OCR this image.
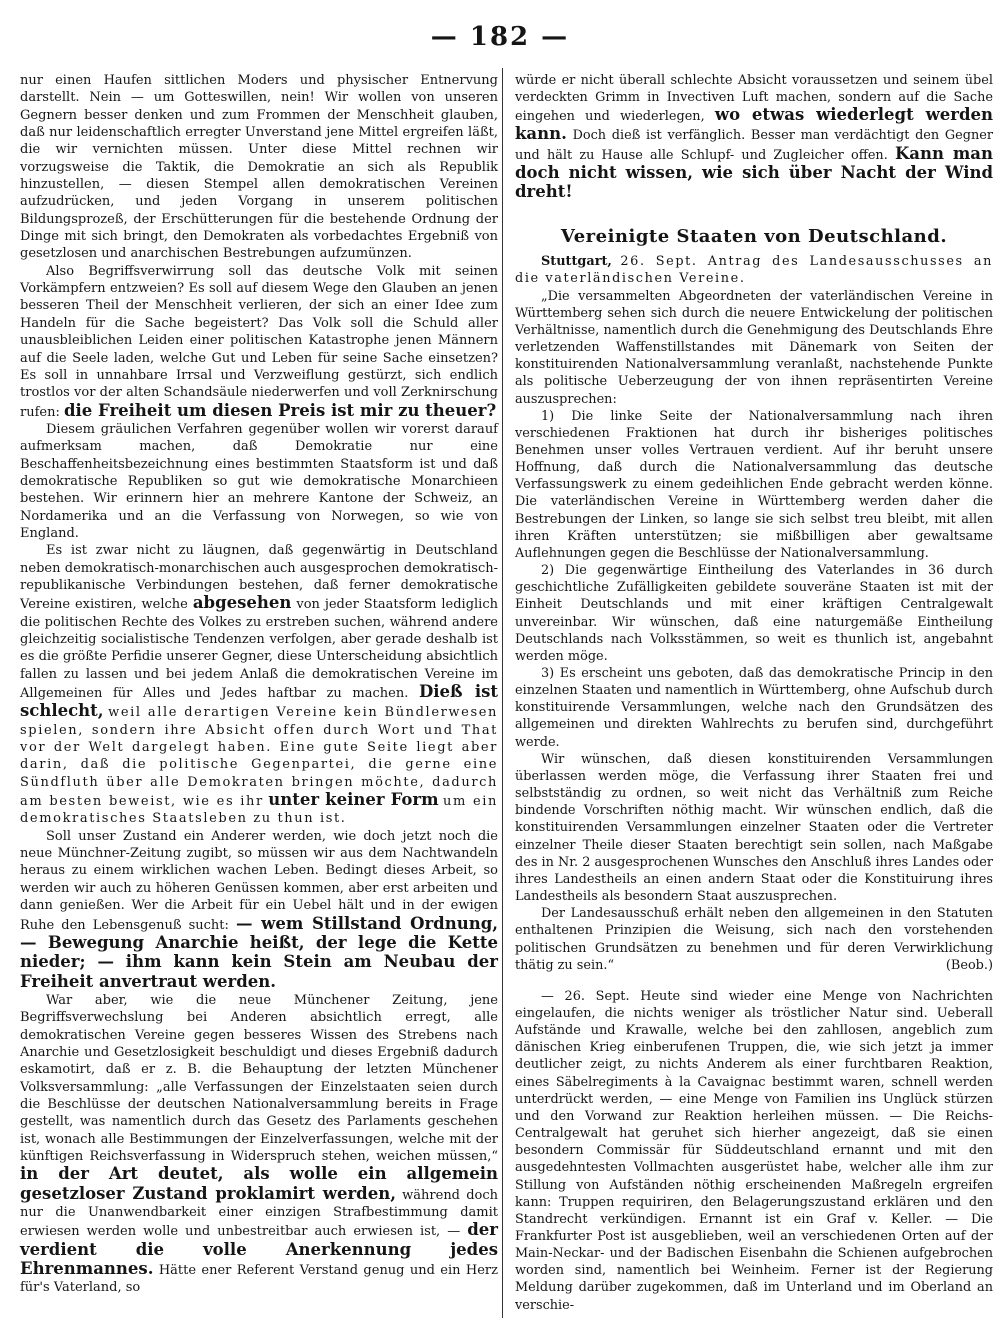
— 182 —

nur einen Haufen sittlichen Moders und physischer Entnervung darstellt. Nein — um Gotteswillen, nein! Wir wollen von unseren Gegnern besser denken und zum Frommen der Menschheit glauben, daß nur leidenschaftlich erregter Unverstand jene Mittel ergreifen läßt, die wir vernichten müssen. Unter diese Mittel rechnen wir vorzugsweise die Taktik, die Demokratie an sich als Republik hinzustellen, — diesen Stempel allen demokratischen Vereinen aufzudrücken, und jeden Vorgang in unserem politischen Bildungsprozeß, der Erschütterungen für die bestehende Ordnung der Dinge mit sich bringt, den Demokraten als vorbedachtes Ergebniß von gesetzlosen und anarchischen Bestrebungen aufzumünzen.

Also Begriffsverwirrung soll das deutsche Volk mit seinen Vorkämpfern entzweien? Es soll auf diesem Wege den Glauben an jenen besseren Theil der Menschheit verlieren, der sich an einer Idee zum Handeln für die Sache begeistert? Das Volk soll die Schuld aller unausbleiblichen Leiden einer politischen Katastrophe jenen Männern auf die Seele laden, welche Gut und Leben für seine Sache einsetzen? Es soll in unnahbare Irrsal und Verzweiflung gestürzt, sich endlich trostlos vor der alten Schandsäule niederwerfen und voll Zerknirschung rufen: die Freiheit um diesen Preis ist mir zu theuer?

Diesem gräulichen Verfahren gegenüber wollen wir vorerst darauf aufmerksam machen, daß Demokratie nur eine Beschaffenheitsbezeichnung eines bestimmten Staatsform ist und daß demokratische Republiken so gut wie demokratische Monarchieen bestehen. Wir erinnern hier an mehrere Kantone der Schweiz, an Nordamerika und an die Verfassung von Norwegen, so wie von England.

Es ist zwar nicht zu läugnen, daß gegenwärtig in Deutschland neben demokratisch-monarchischen auch ausgesprochen demokratisch-republikanische Verbindungen bestehen, daß ferner demokratische Vereine existiren, welche abgesehen von jeder Staatsform lediglich die politischen Rechte des Volkes zu erstreben suchen, während andere gleichzeitig socialistische Tendenzen verfolgen, aber gerade deshalb ist es die größte Perfidie unserer Gegner, diese Unterscheidung absichtlich fallen zu lassen und bei jedem Anlaß die demokratischen Vereine im Allgemeinen für Alles und Jedes haftbar zu machen. Dieß ist schlecht, weil alle derartigen Vereine kein Bündlerwesen spielen, sondern ihre Absicht offen durch Wort und That vor der Welt dargelegt haben. Eine gute Seite liegt aber darin, daß die politische Gegenpartei, die gerne eine Sündfluth über alle Demokraten bringen möchte, dadurch am besten beweist, wie es ihr unter keiner Form um ein demokratisches Staatsleben zu thun ist.

Soll unser Zustand ein Anderer werden, wie doch jetzt noch die neue Münchner-Zeitung zugibt, so müssen wir aus dem Nachtwandeln heraus zu einem wirklichen wachen Leben. Bedingt dieses Arbeit, so werden wir auch zu höheren Genüssen kommen, aber erst arbeiten und dann genießen. Wer die Arbeit für ein Uebel hält und in der ewigen Ruhe den Lebensgenuß sucht: — wem Stillstand Ordnung, — Bewegung Anarchie heißt, der lege die Kette nieder; — ihm kann kein Stein am Neubau der Freiheit anvertraut werden.

War aber, wie die neue Münchener Zeitung, jene Begriffsverwechslung bei Anderen absichtlich erregt, alle demokratischen Vereine gegen besseres Wissen des Strebens nach Anarchie und Gesetzlosigkeit beschuldigt und dieses Ergebniß dadurch eskamotirt, daß er z. B. die Behauptung der letzten Münchener Volksversammlung: „alle Verfassungen der Einzelstaaten seien durch die Beschlüsse der deutschen Nationalversammlung bereits in Frage gestellt, was namentlich durch das Gesetz des Parlaments geschehen ist, wonach alle Bestimmungen der Einzelverfassungen, welche mit der künftigen Reichsverfassung in Widerspruch stehen, weichen müssen,“ in der Art deutet, als wolle ein allgemein gesetzloser Zustand proklamirt werden, während doch nur die Unanwendbarkeit einer einzigen Strafbestimmung damit erwiesen werden wolle und unbestreitbar auch erwiesen ist, — der verdient die volle Anerkennung jedes Ehrenmannes. Hätte ener Referent Verstand genug und ein Herz für's Vaterland, so

würde er nicht überall schlechte Absicht voraussetzen und seinem übel verdeckten Grimm in Invectiven Luft machen, sondern auf die Sache eingehen und wiederlegen, wo etwas wiederlegt werden kann. Doch dieß ist verfänglich. Besser man verdächtigt den Gegner und hält zu Hause alle Schlupf- und Zugleicher offen. Kann man doch nicht wissen, wie sich über Nacht der Wind dreht!

Vereinigte Staaten von Deutschland.

Stuttgart, 26. Sept. Antrag des Landesausschusses an die vaterländischen Vereine.

„Die versammelten Abgeordneten der vaterländischen Vereine in Württemberg sehen sich durch die neuere Entwickelung der politischen Verhältnisse, namentlich durch die Genehmigung des Deutschlands Ehre verletzenden Waffenstillstandes mit Dänemark von Seiten der konstituirenden Nationalversammlung veranlaßt, nachstehende Punkte als politische Ueberzeugung der von ihnen repräsentirten Vereine auszusprechen:

1) Die linke Seite der Nationalversammlung nach ihren verschiedenen Fraktionen hat durch ihr bisheriges politisches Benehmen unser volles Vertrauen verdient. Auf ihr beruht unsere Hoffnung, daß durch die Nationalversammlung das deutsche Verfassungswerk zu einem gedeihlichen Ende gebracht werden könne. Die vaterländischen Vereine in Württemberg werden daher die Bestrebungen der Linken, so lange sie sich selbst treu bleibt, mit allen ihren Kräften unterstützen; sie mißbilligen aber gewaltsame Auflehnungen gegen die Beschlüsse der Nationalversammlung.

2) Die gegenwärtige Eintheilung des Vaterlandes in 36 durch geschichtliche Zufälligkeiten gebildete souveräne Staaten ist mit der Einheit Deutschlands und mit einer kräftigen Centralgewalt unvereinbar. Wir wünschen, daß eine naturgemäße Eintheilung Deutschlands nach Volksstämmen, so weit es thunlich ist, angebahnt werden möge.

3) Es erscheint uns geboten, daß das demokratische Princip in den einzelnen Staaten und namentlich in Württemberg, ohne Aufschub durch konstituirende Versammlungen, welche nach den Grundsätzen des allgemeinen und direkten Wahlrechts zu berufen sind, durchgeführt werde.

Wir wünschen, daß diesen konstituirenden Versammlungen überlassen werden möge, die Verfassung ihrer Staaten frei und selbstständig zu ordnen, so weit nicht das Verhältniß zum Reiche bindende Vorschriften nöthig macht. Wir wünschen endlich, daß die konstituirenden Versammlungen einzelner Staaten oder die Vertreter einzelner Theile dieser Staaten berechtigt sein sollen, nach Maßgabe des in Nr. 2 ausgesprochenen Wunsches den Anschluß ihres Landes oder ihres Landestheils an einen andern Staat oder die Konstituirung ihres Landestheils als besondern Staat auszusprechen.

Der Landesausschuß erhält neben den allgemeinen in den Statuten enthaltenen Prinzipien die Weisung, sich nach den vorstehenden politischen Grundsätzen zu benehmen und für deren Verwirklichung thätig zu sein.“	(Beob.)

— 26. Sept. Heute sind wieder eine Menge von Nachrichten eingelaufen, die nichts weniger als tröstlicher Natur sind. Ueberall Aufstände und Krawalle, welche bei den zahllosen, angeblich zum dänischen Krieg einberufenen Truppen, die, wie sich jetzt ja immer deutlicher zeigt, zu nichts Anderem als einer furchtbaren Reaktion, eines Säbelregiments à la Cavaignac bestimmt waren, schnell werden unterdrückt werden, — eine Menge von Familien ins Unglück stürzen und den Vorwand zur Reaktion herleihen müssen. — Die Reichs-Centralgewalt hat geruhet sich hierher angezeigt, daß sie einen besondern Commissär für Süddeutschland ernannt und mit den ausgedehntesten Vollmachten ausgerüstet habe, welcher alle ihm zur Stillung von Aufständen nöthig erscheinenden Maßregeln ergreifen kann: Truppen requiriren, den Belagerungszustand erklären und den Standrecht verkündigen. Ernannt ist ein Graf v. Keller. — Die Frankfurter Post ist ausgeblieben, weil an verschiedenen Orten auf der Main-Neckar- und der Badischen Eisenbahn die Schienen aufgebrochen worden sind, namentlich bei Weinheim. Ferner ist der Regierung Meldung darüber zugekommen, daß im Unterland und im Oberland an verschie-
